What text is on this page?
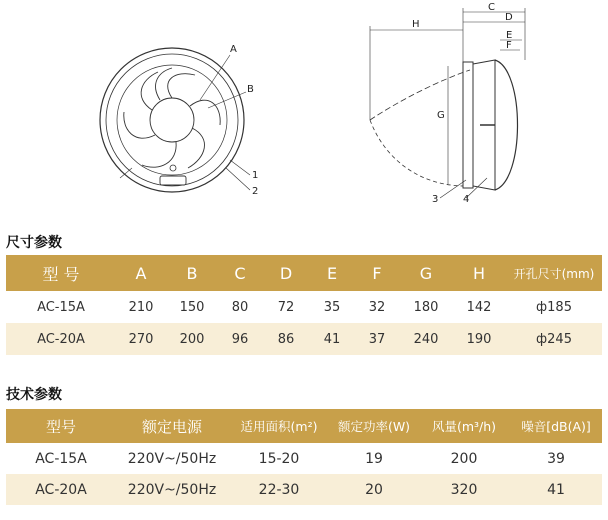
A
B
1
2
H
C
D
E
F
G
3 4
尺寸参数
型 号	A	B	C	D	E	F	G	H	开孔尺寸(mm)
AC-15A	210	150	80	72	35	32	180	142	ф185
AC-20A	270	200	96	86	41	37	240	190	ф245
技术参数
型号	额定电源	适用面积(m²)	额定功率(W)	风量(m³/h)	噪音[dB(A)]
AC-15A	220V~/50Hz	15-20	19	200	39
AC-20A	220V~/50Hz	22-30	20	320	41
